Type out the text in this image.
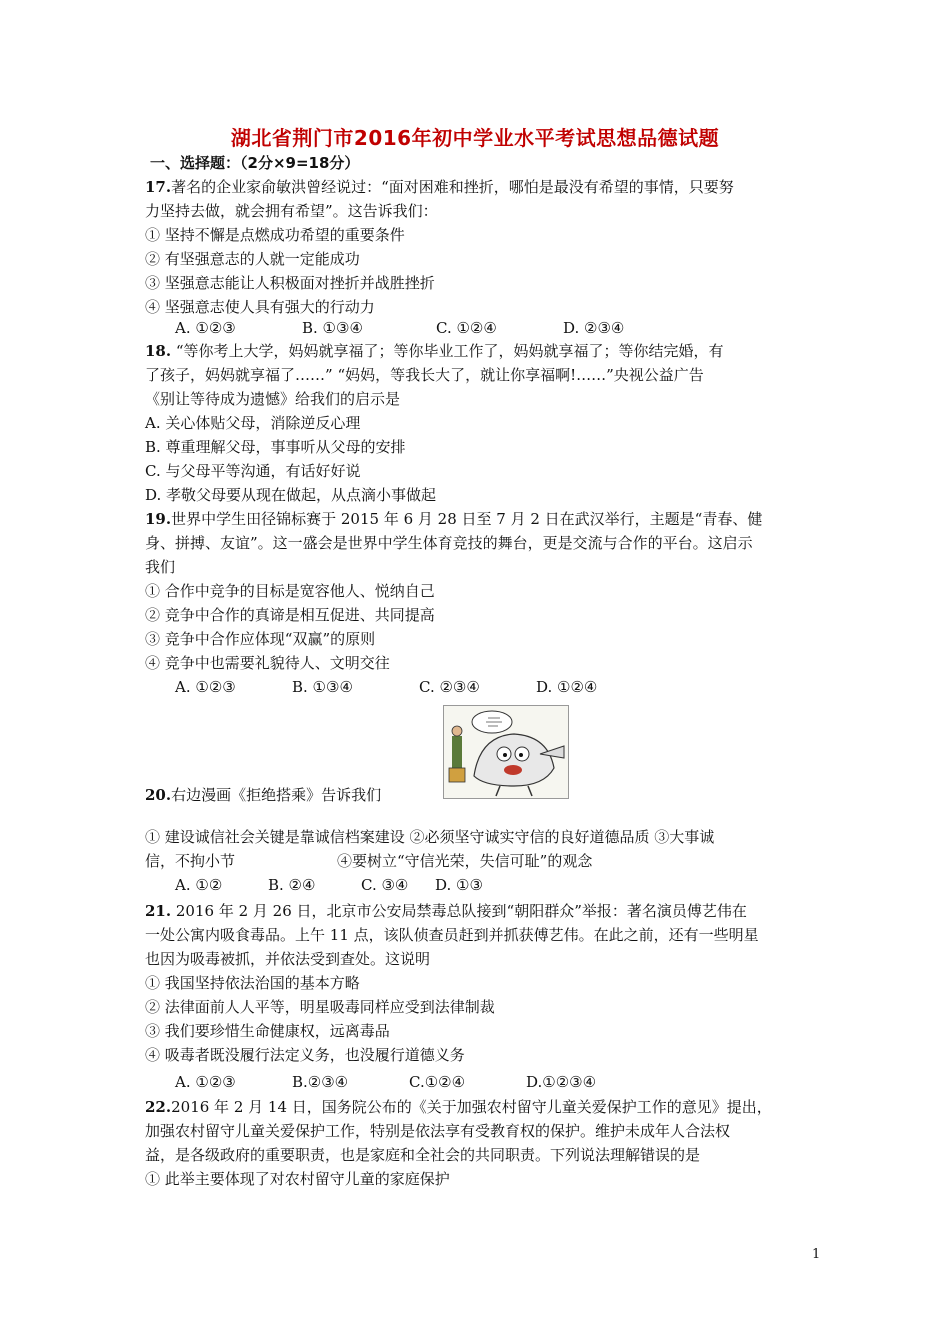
湖北省荆门市2016年初中学业水平考试思想品德试题
一、选择题：（2分×9=18分）
17.著名的企业家俞敏洪曾经说过：“面对困难和挫折，哪怕是最没有希望的事情，只要努
力坚持去做，就会拥有希望”。这告诉我们：
① 坚持不懈是点燃成功希望的重要条件
② 有坚强意志的人就一定能成功
③ 坚强意志能让人积极面对挫折并战胜挫折
④ 坚强意志使人具有强大的行动力
A. ①②③	B. ①③④	C. ①②④	D. ②③④
18. “等你考上大学，妈妈就享福了；等你毕业工作了，妈妈就享福了；等你结完婚，有
了孩子，妈妈就享福了……” “妈妈，等我长大了，就让你享福啊!……”央视公益广告
《别让等待成为遗憾》给我们的启示是
A. 关心体贴父母，消除逆反心理
B. 尊重理解父母，事事听从父母的安排
C. 与父母平等沟通，有话好好说
D. 孝敬父母要从现在做起，从点滴小事做起
19.世界中学生田径锦标赛于 2015 年 6 月 28 日至 7 月 2 日在武汉举行，主题是“青春、健
身、拼搏、友谊”。这一盛会是世界中学生体育竞技的舞台，更是交流与合作的平台。这启示
我们
① 合作中竞争的目标是宽容他人、悦纳自己
② 竞争中合作的真谛是相互促进、共同提高
③ 竞争中合作应体现“双赢”的原则
④ 竞争中也需要礼貌待人、文明交往
A. ①②③	B. ①③④	C. ②③④	D. ①②④
20.右边漫画《拒绝搭乘》告诉我们
① 建设诚信社会关键是靠诚信档案建设 ②必须坚守诚实守信的良好道德品质 ③大事诚
信，不拘小节	④要树立“守信光荣，失信可耻”的观念
A. ①②	B. ②④	C. ③④ D. ①③
21. 2016 年 2 月 26 日，北京市公安局禁毒总队接到“朝阳群众”举报：著名演员傅艺伟在
一处公寓内吸食毒品。上午 11 点，该队侦查员赶到并抓获傅艺伟。在此之前，还有一些明星
也因为吸毒被抓，并依法受到查处。这说明
① 我国坚持依法治国的基本方略
② 法律面前人人平等，明星吸毒同样应受到法律制裁
③ 我们要珍惜生命健康权，远离毒品
④ 吸毒者既没履行法定义务，也没履行道德义务
A. ①②③	B.②③④	C.①②④	D.①②③④
22.2016 年 2 月 14 日，国务院公布的《关于加强农村留守儿童关爱保护工作的意见》提出，
加强农村留守儿童关爱保护工作，特别是依法享有受教育权的保护。维护未成年人合法权
益，是各级政府的重要职责，也是家庭和全社会的共同职责。下列说法理解错误的是
① 此举主要体现了对农村留守儿童的家庭保护
1
